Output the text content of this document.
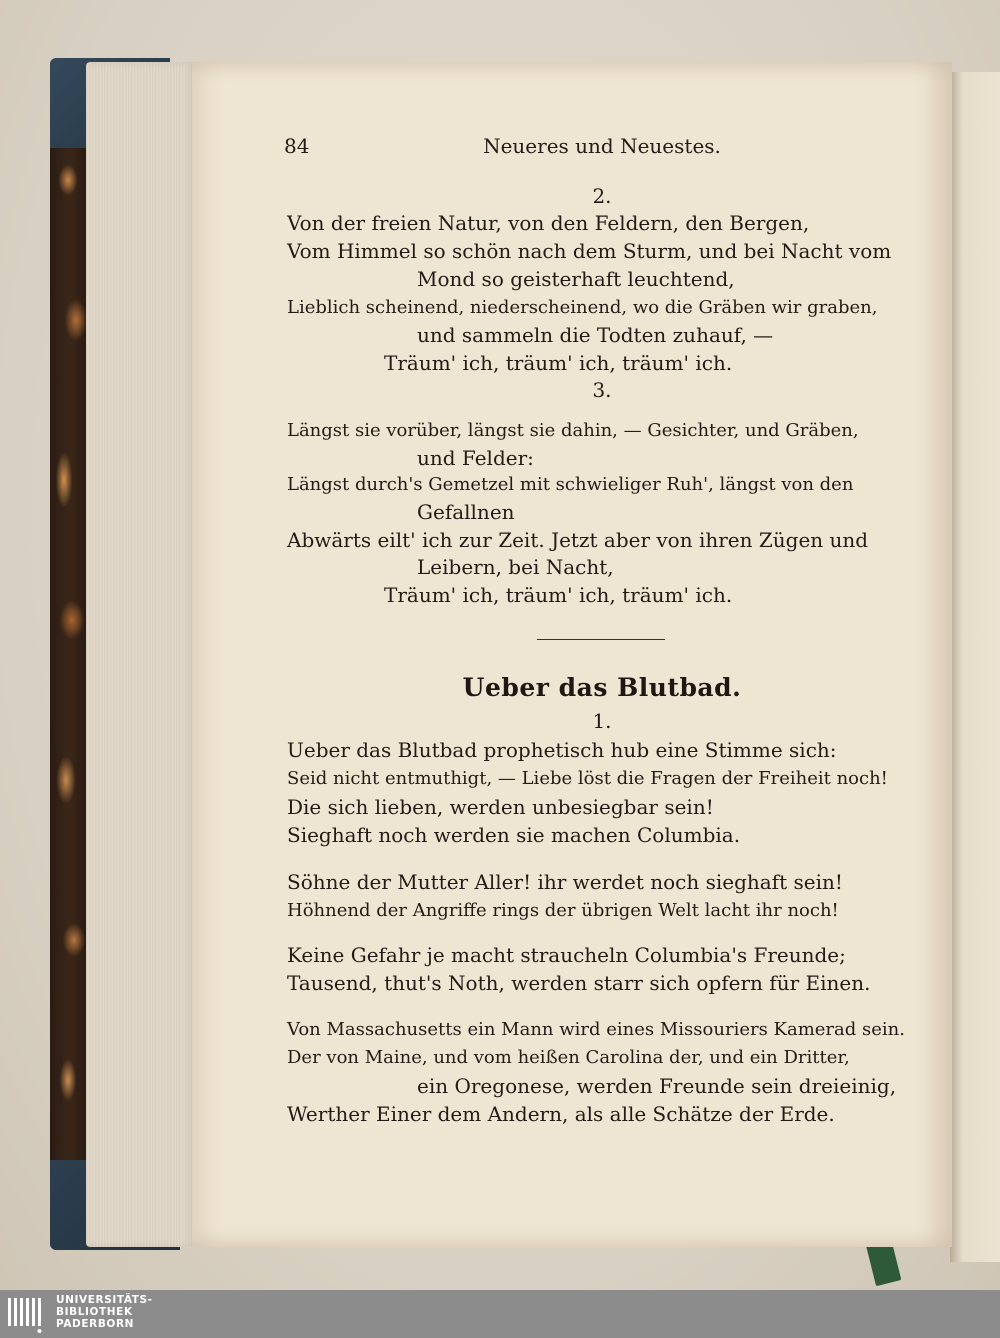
84	Neueres und Neuestes.

2.

Von der freien Natur, von den Feldern, den Bergen,

Vom Himmel so schön nach dem Sturm, und bei Nacht vom

Mond so geisterhaft leuchtend,

Lieblich scheinend, niederscheinend, wo die Gräben wir graben,

und sammeln die Todten zuhauf, —

Träum' ich, träum' ich, träum' ich.

3.

Längst sie vorüber, längst sie dahin, — Gesichter, und Gräben,

und Felder:

Längst durch's Gemetzel mit schwieliger Ruh', längst von den

Gefallnen

Abwärts eilt' ich zur Zeit. Jetzt aber von ihren Zügen und

Leibern, bei Nacht,

Träum' ich, träum' ich, träum' ich.

Ueber das Blutbad.

1.

Ueber das Blutbad prophetisch hub eine Stimme sich:

Seid nicht entmuthigt, — Liebe löst die Fragen der Freiheit noch!

Die sich lieben, werden unbesiegbar sein!

Sieghaft noch werden sie machen Columbia.

Söhne der Mutter Aller! ihr werdet noch sieghaft sein!

Höhnend der Angriffe rings der übrigen Welt lacht ihr noch!

Keine Gefahr je macht straucheln Columbia's Freunde;

Tausend, thut's Noth, werden starr sich opfern für Einen.

Von Massachusetts ein Mann wird eines Missouriers Kamerad sein.

Der von Maine, und vom heißen Carolina der, und ein Dritter,

ein Oregonese, werden Freunde sein dreieinig,

Werther Einer dem Andern, als alle Schätze der Erde.

UNIVERSITÄTS-

BIBLIOTHEK

PADERBORN
